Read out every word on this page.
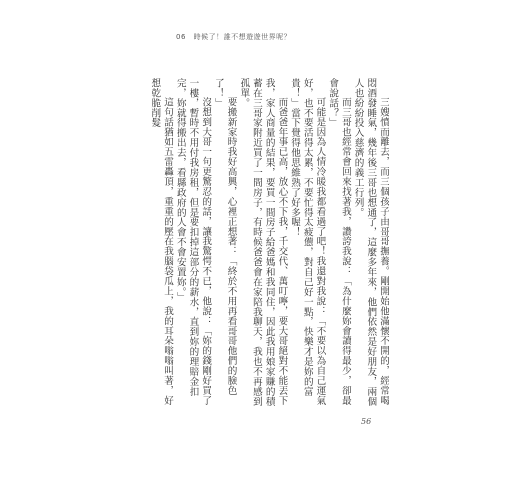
06 時候了！誰不想遊遊世界呢？

三嫂憤而離去，而三個孩子由哥哥撫養。剛開始他滿懷不開的，經常喝悶酒發睡氣，幾年後三哥也想通了，這麼多年來，他們依然是好朋友，兩個人也紛紛投入慈濟的義工行列。

而三哥也經常會回來找著我，讚誇我說：「為什麼妳會讀得最少，卻最會說話？」

可能是因為人情冷暖我都看過了吧！我還對我說：「不要以為自己運氣好，也不要活得太累，不要忙得太疲憊，對自己好一點，快樂才是妳的富貴！」當下覺得他思維熟了好多喔！

而爸爸年事已高，放心不下我，千交代、萬叮嚀，要大哥絕對不能丟下我，家人商量的結果，要買一間房子給爸媽和我同住，因此我用娘家賺的積蓄在三哥家附近買了一間房子，有時候爸爸會在家陪我聊天，我也不再感到孤單。

要搬新家時我好高興，心裡正想著：「終於不用再看哥哥他們的臉色了！」

沒想到大哥一句更驚忍的話，讓我驚愕不已，他說：「妳的錢剛好買了一樓，暫時不用付我房租，但是要扣掉這部分的薪水，直到妳的理賠金扣完，妳就得搬出去，看縣政府的人會不會安置妳。」

這句話猶如五雷轟頂，重重的壓在我腦袋瓜上，我的耳朵嗡嗡叫著，好想乾脆削髮

56
